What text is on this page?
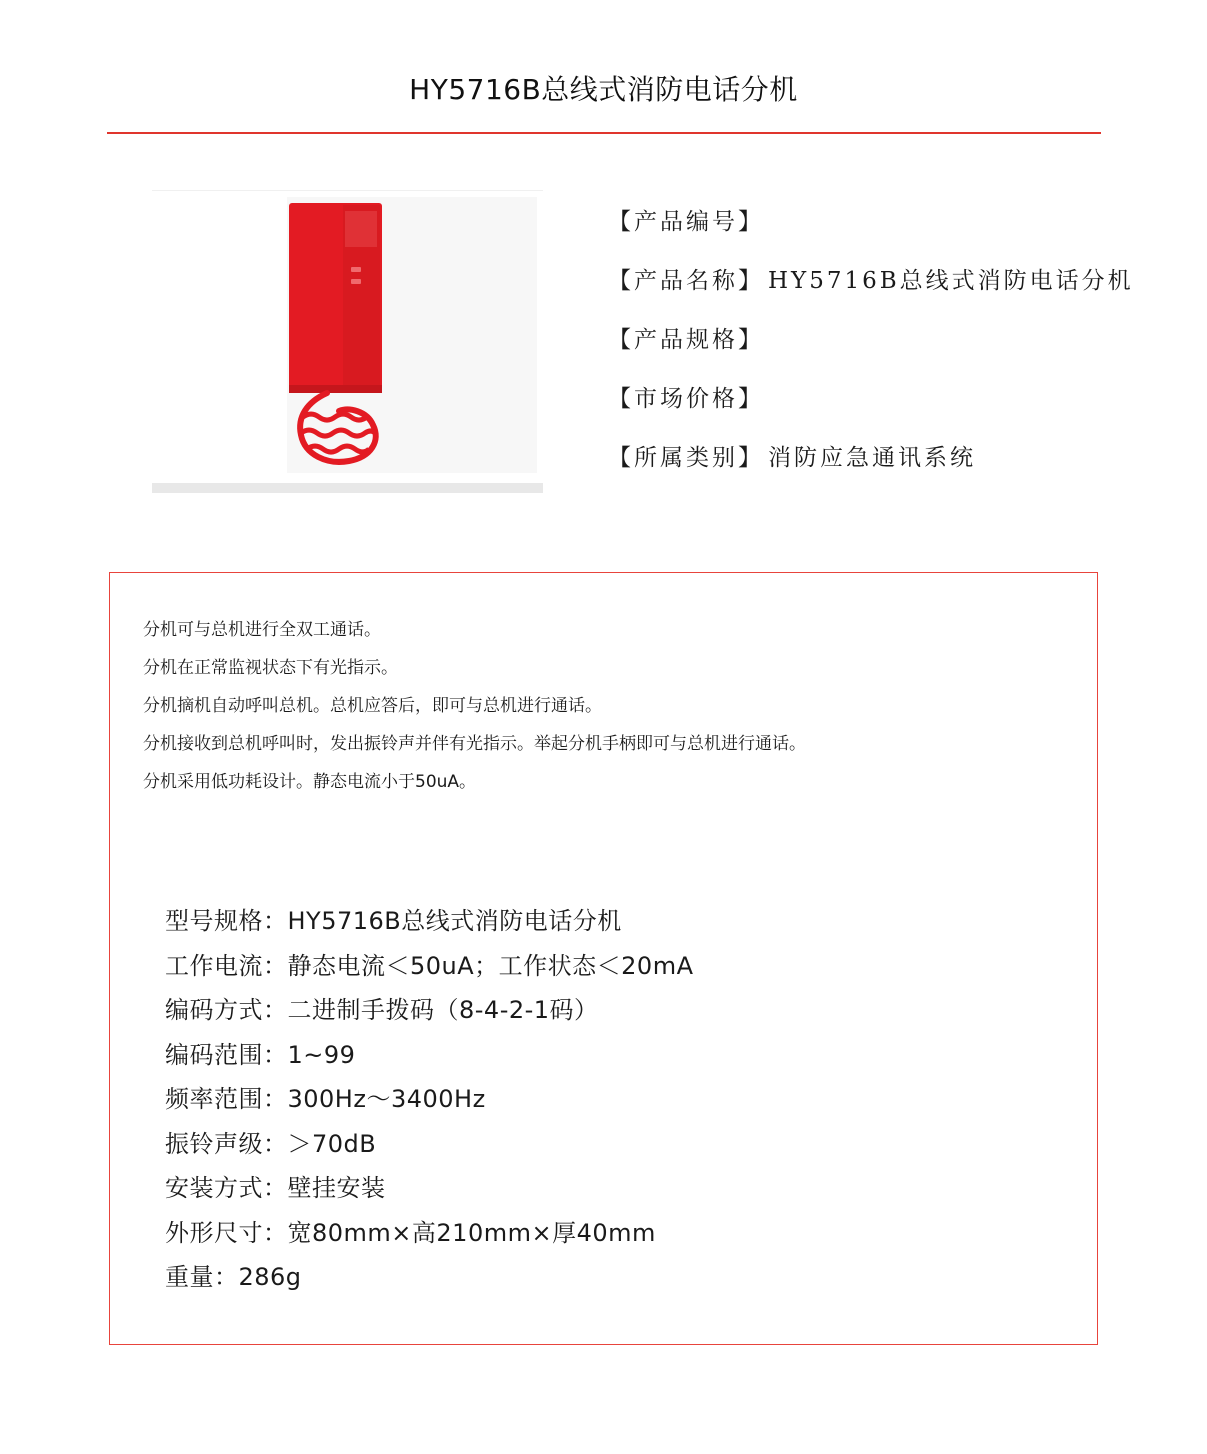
HY5716B总线式消防电话分机
【产品编号】
【产品名称】 HY5716B总线式消防电话分机
【产品规格】
【市场价格】
【所属类别】 消防应急通讯系统
分机可与总机进行全双工通话。
分机在正常监视状态下有光指示。
分机摘机自动呼叫总机。总机应答后，即可与总机进行通话。
分机接收到总机呼叫时，发出振铃声并伴有光指示。举起分机手柄即可与总机进行通话。
分机采用低功耗设计。静态电流小于50uA。
型号规格：HY5716B总线式消防电话分机
工作电流：静态电流＜50uA；工作状态＜20mA
编码方式：二进制手拨码（8-4-2-1码）
编码范围：1~99
频率范围：300Hz～3400Hz
振铃声级：＞70dB
安装方式：壁挂安装
外形尺寸：宽80mm×高210mm×厚40mm
重量：286g
